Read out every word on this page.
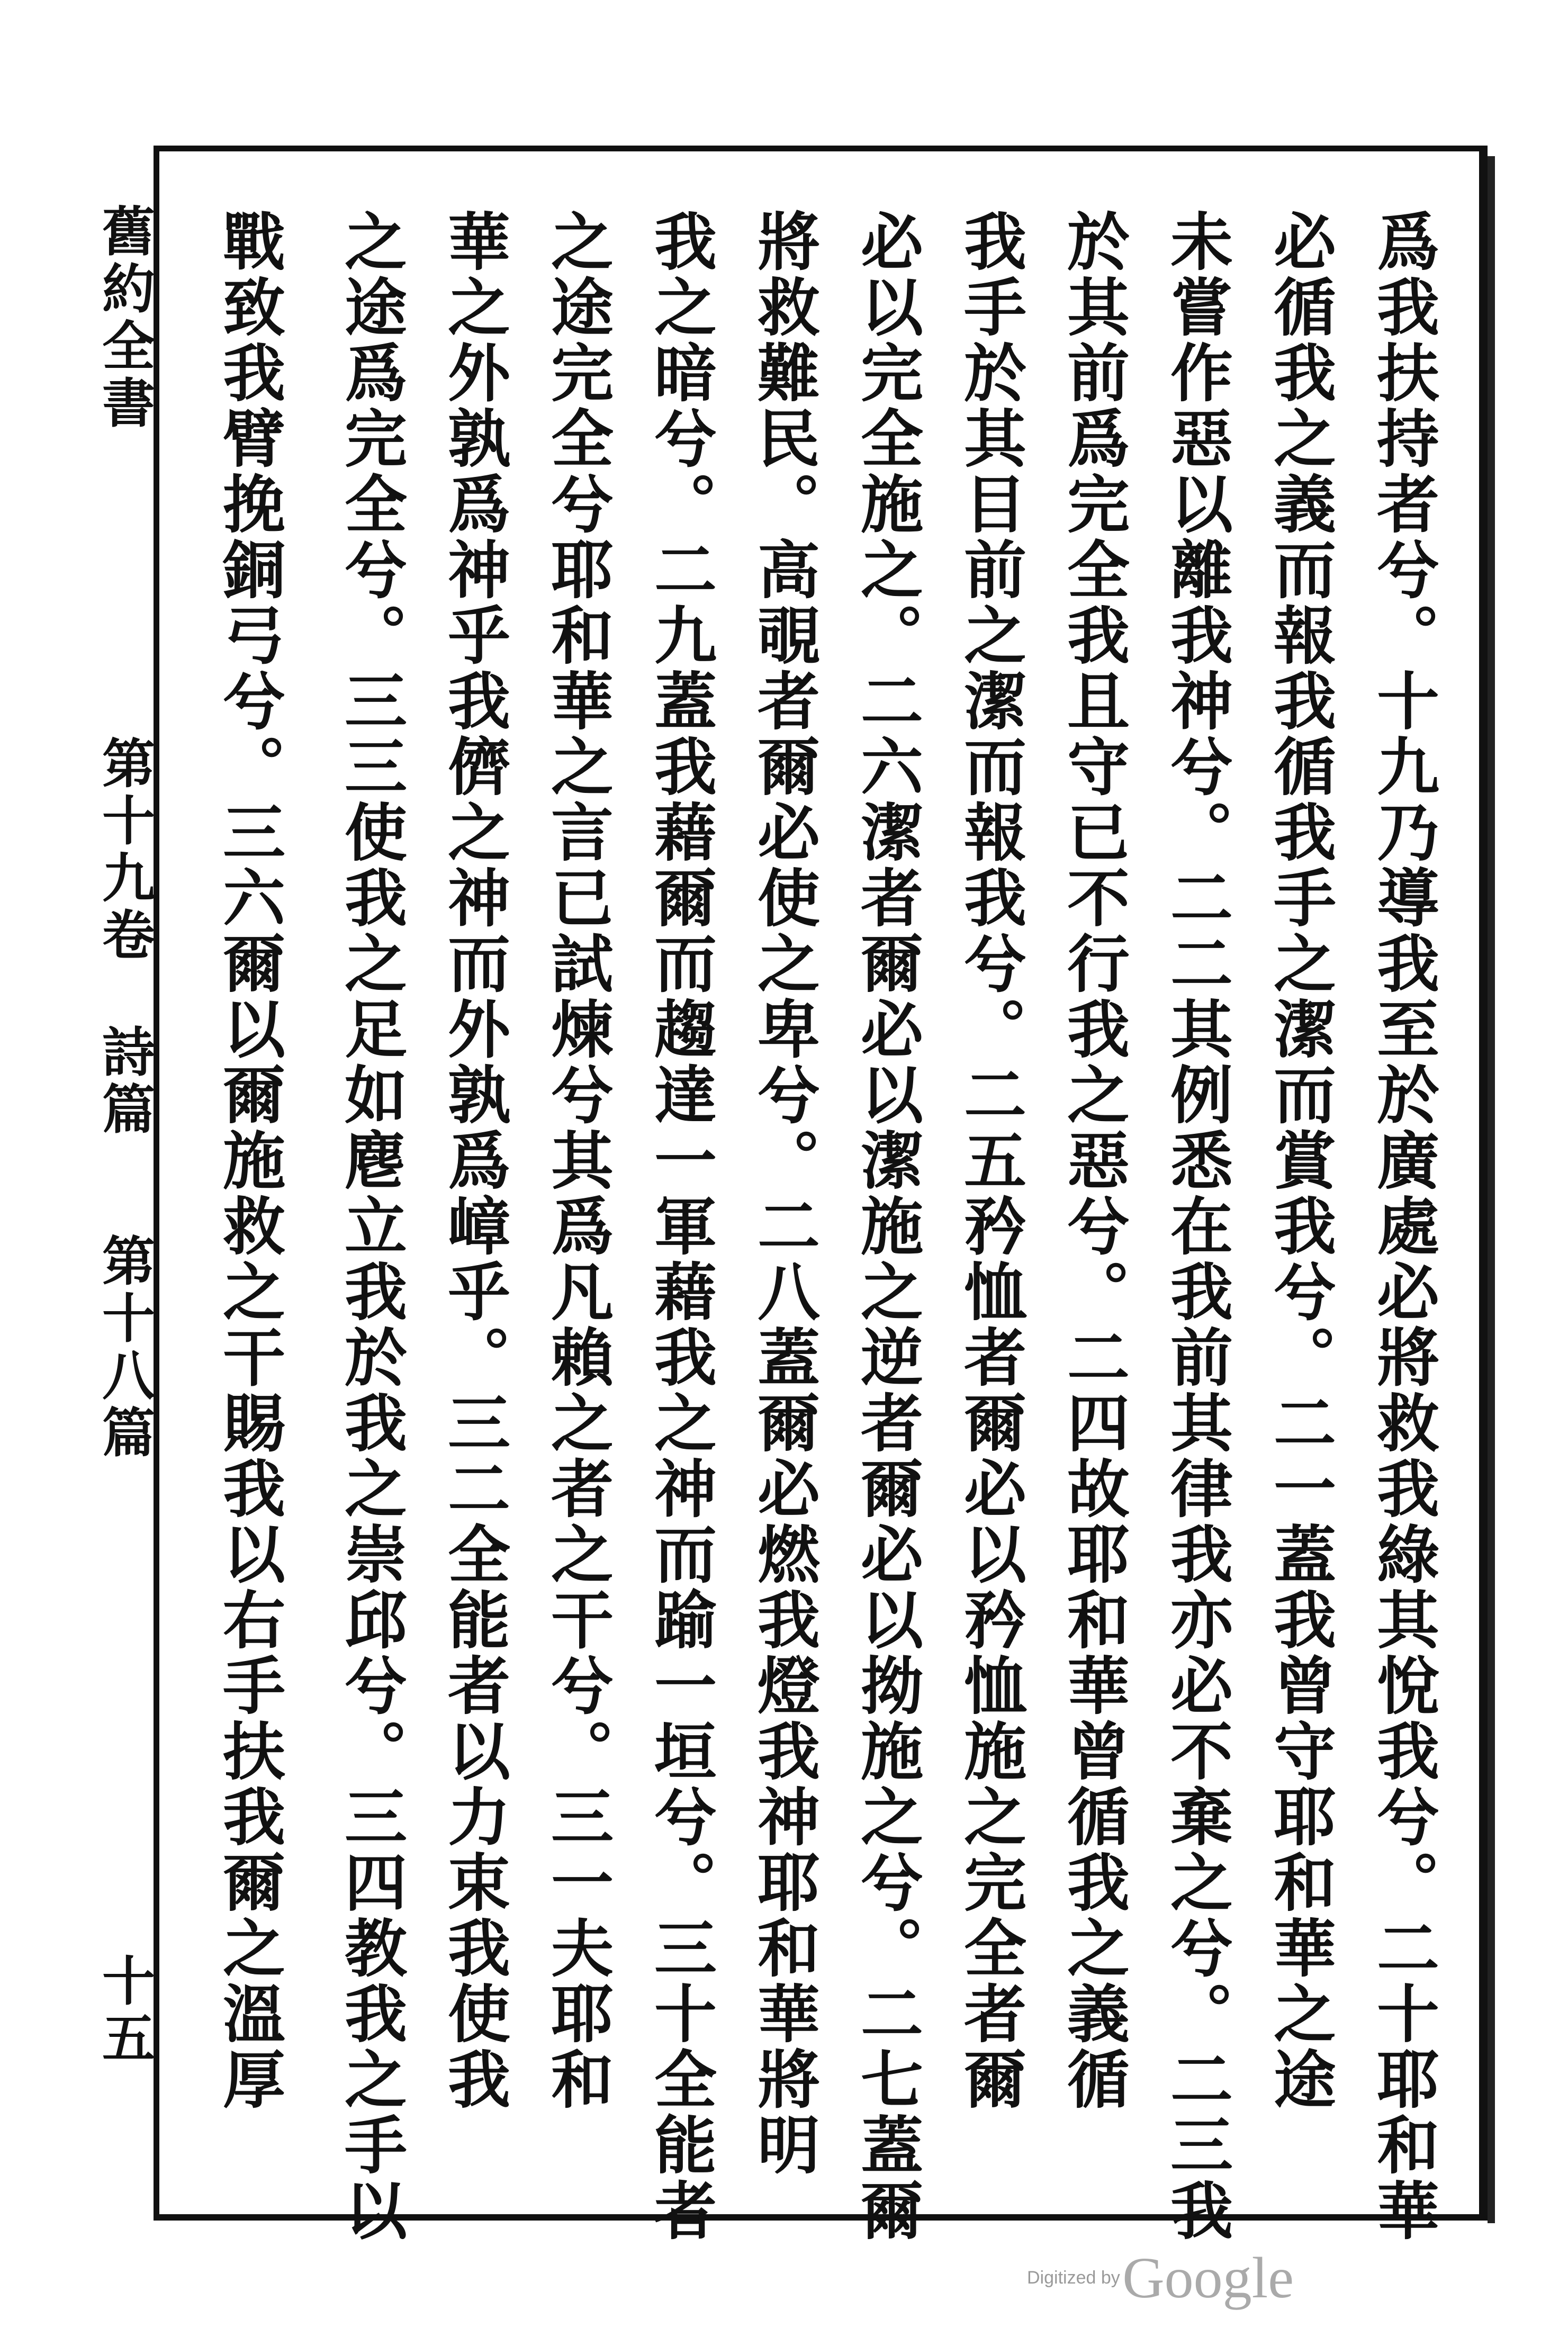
舊約全書
第十九卷
詩篇
第十八篇
十五	爲我扶持者兮。十九乃導我至於廣處必將救我綠其悅我兮。二十耶和華
必循我之義而報我循我手之潔而賞我兮。二一蓋我曾守耶和華之途
未嘗作惡以離我神兮。二二其例悉在我前其律我亦必不棄之兮。二三我
於其前爲完全我且守已不行我之惡兮。二四故耶和華曾循我之義循
我手於其目前之潔而報我兮。二五矜恤者爾必以矜恤施之完全者爾
必以完全施之。二六潔者爾必以潔施之逆者爾必以拗施之兮。二七蓋爾
將救難民。高覗者爾必使之卑兮。二八蓋爾必燃我燈我神耶和華將明
我之暗兮。二九蓋我藉爾而趨達一軍藉我之神而踰一垣兮。三十全能者
之途完全兮耶和華之言已試煉兮其爲凡賴之者之干兮。三一夫耶和
華之外孰爲神乎我儕之神而外孰爲嶂乎。三二全能者以力束我使我
之途爲完全兮。三三使我之足如麀立我於我之崇邱兮。三四教我之手以
戰致我臂挽銅弓兮。三六爾以爾施救之干賜我以右手扶我爾之溫厚
Digitized by Google
